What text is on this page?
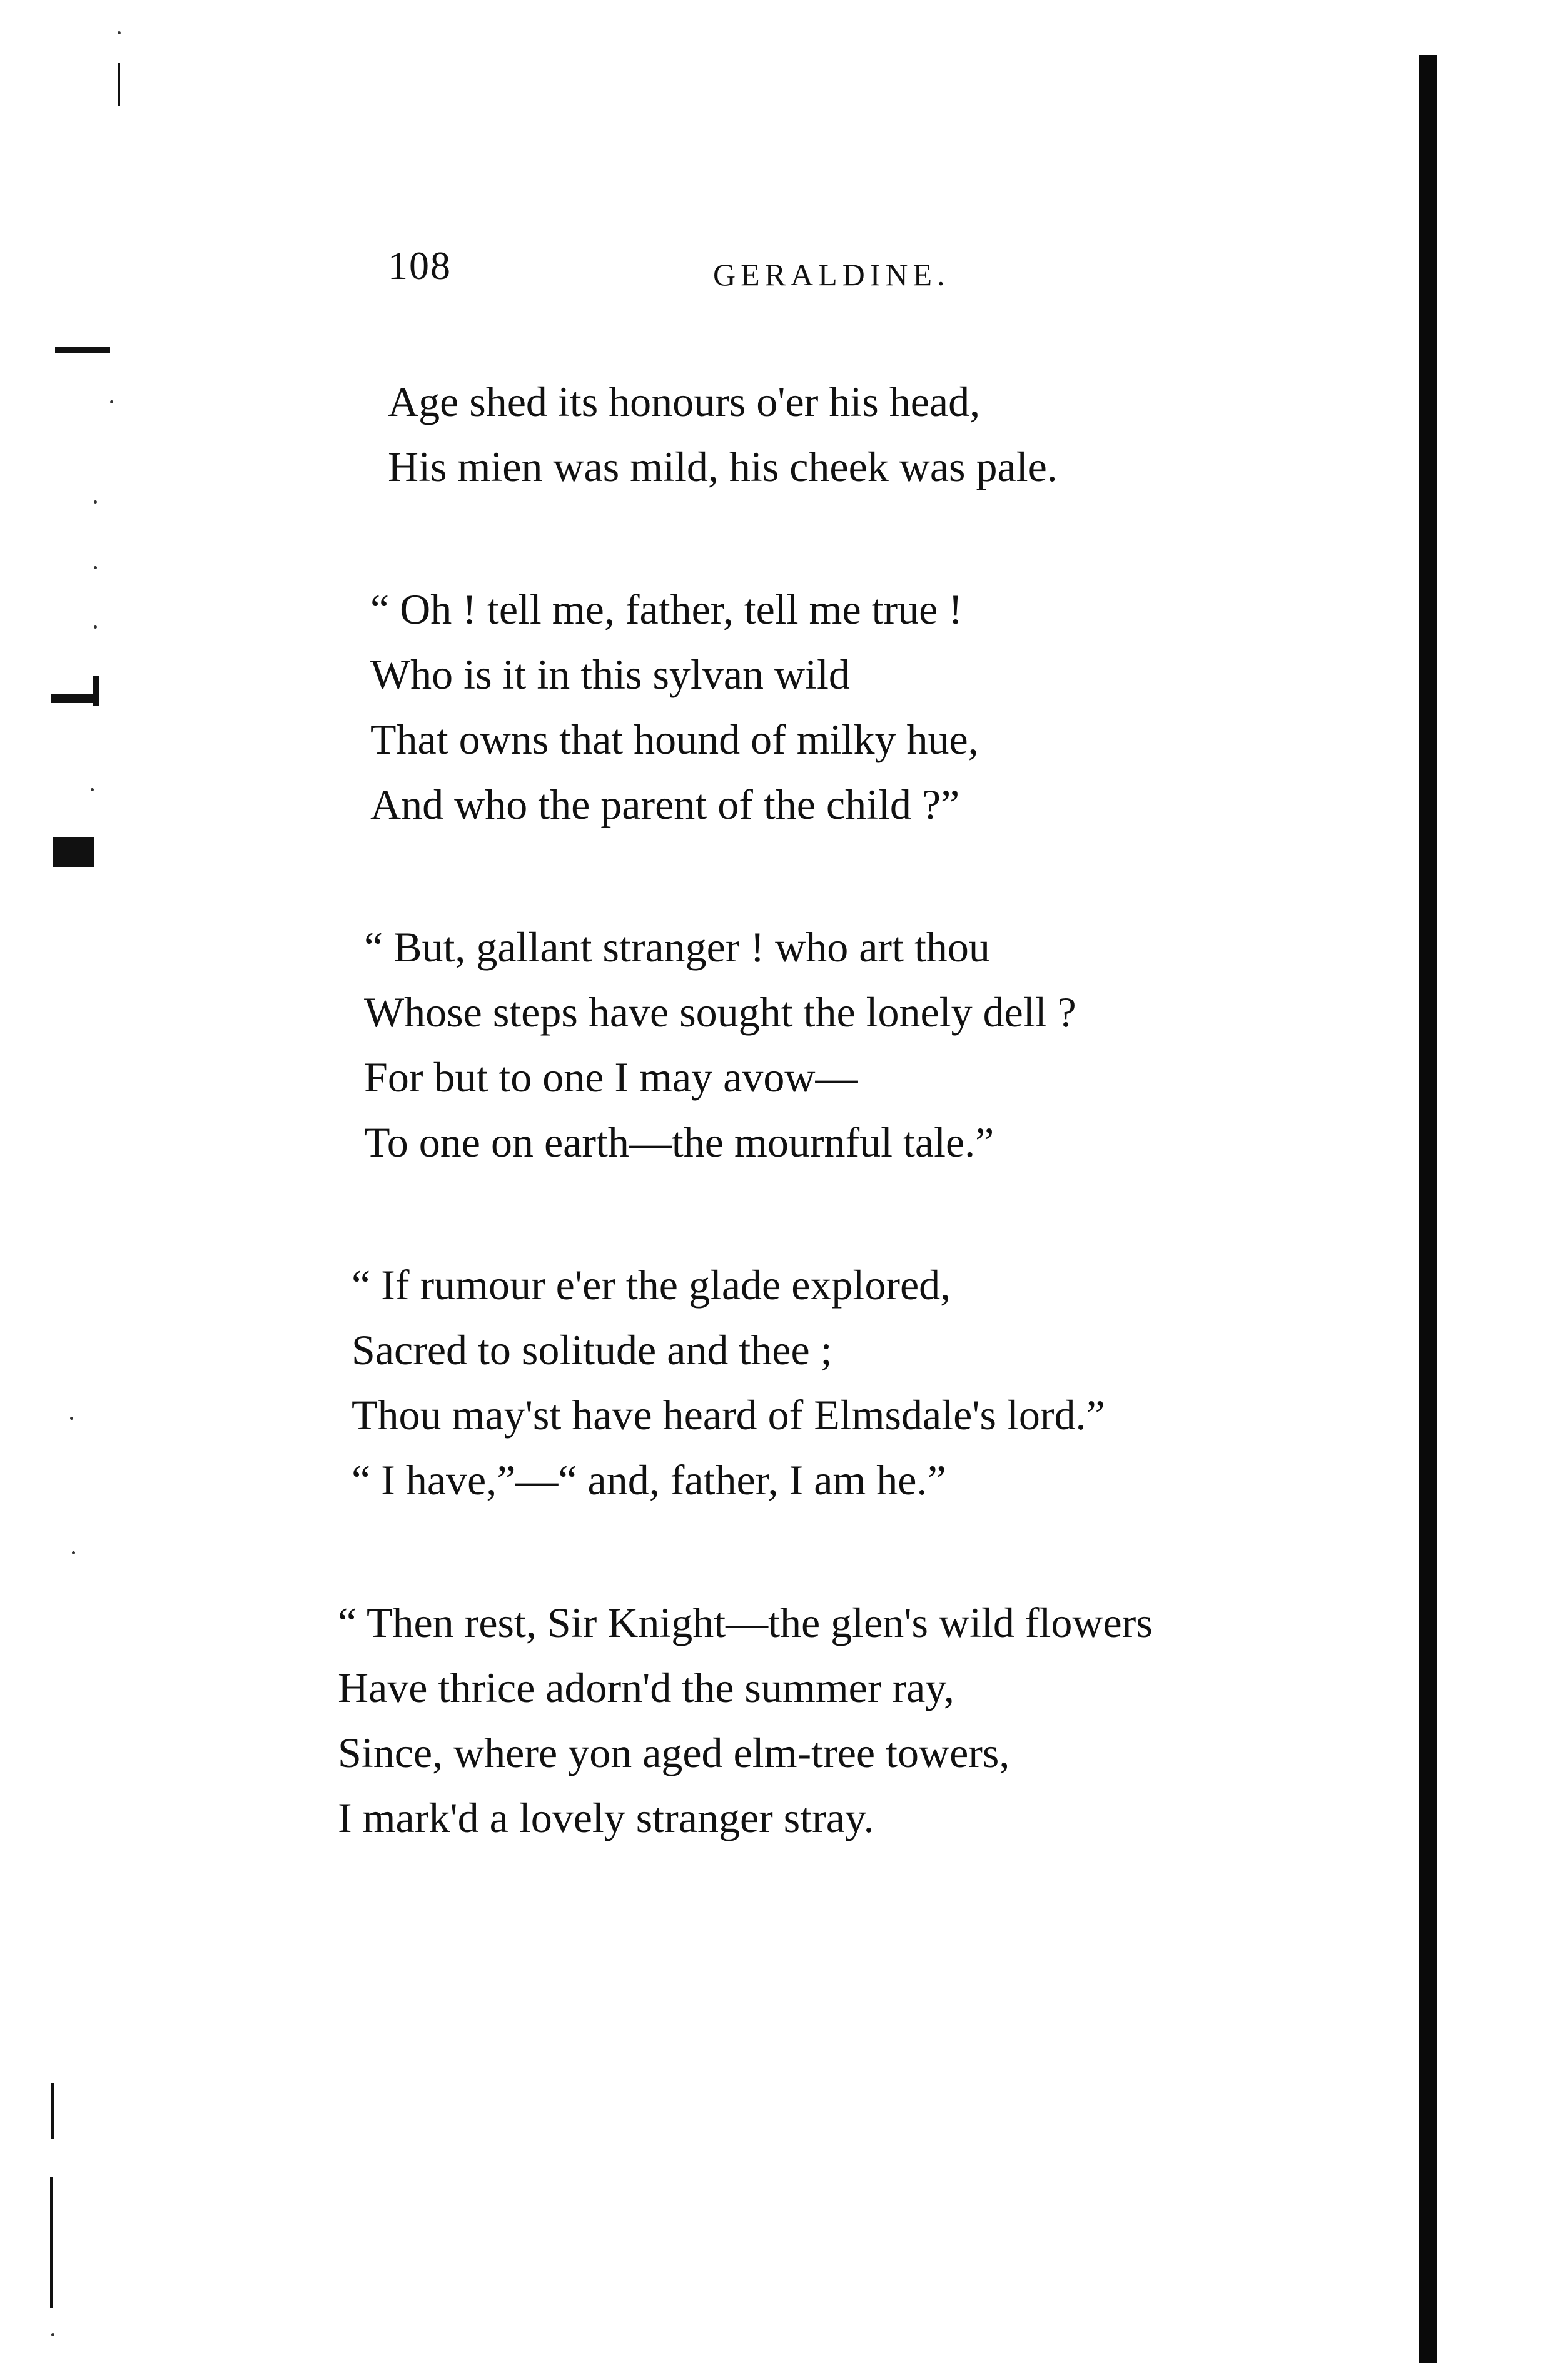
108	GERALDINE.
Age shed its honours o'er his head,
His mien was mild, his cheek was pale.
“ Oh ! tell me, father, tell me true !
Who is it in this sylvan wild
That owns that hound of milky hue,
And who the parent of the child ?”
“ But, gallant stranger ! who art thou
Whose steps have sought the lonely dell ?
For but to one I may avow—
To one on earth—the mournful tale.”
“ If rumour e'er the glade explored,
Sacred to solitude and thee ;
Thou may'st have heard of Elmsdale's lord.”
“ I have,”—“ and, father, I am he.”
“ Then rest, Sir Knight—the glen's wild flowers
Have thrice adorn'd the summer ray,
Since, where yon aged elm-tree towers,
I mark'd a lovely stranger stray.
